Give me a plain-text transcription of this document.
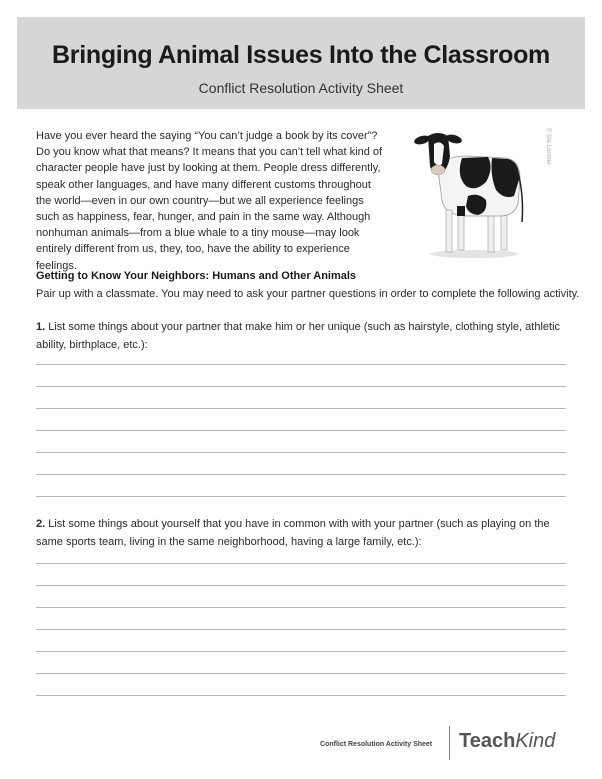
Bringing Animal Issues Into the Classroom
Conflict Resolution Activity Sheet
Have you ever heard the saying “You can’t judge a book by its cover”? Do you know what that means? It means that you can’t tell what kind of character people have just by looking at them. People dress differently, speak other languages, and have many different customs throughout the world—even in our own country—but we all experience feelings such as happiness, fear, hunger, and pain in the same way. Although nonhuman animals—from a blue whale to a tiny mouse—may look entirely different from us, they, too, have the ability to experience feelings.
© Ste Lordsel
Getting to Know Your Neighbors: Humans and Other Animals
Pair up with a classmate. You may need to ask your partner questions in order to complete the following activity.
1. List some things about your partner that make him or her unique (such as hairstyle, clothing style, athletic ability, birthplace, etc.):
2. List some things about yourself that you have in common with with your partner (such as playing on the same sports team, living in the same neighborhood, having a large family, etc.):
Conflict Resolution Activity Sheet TeachKind
